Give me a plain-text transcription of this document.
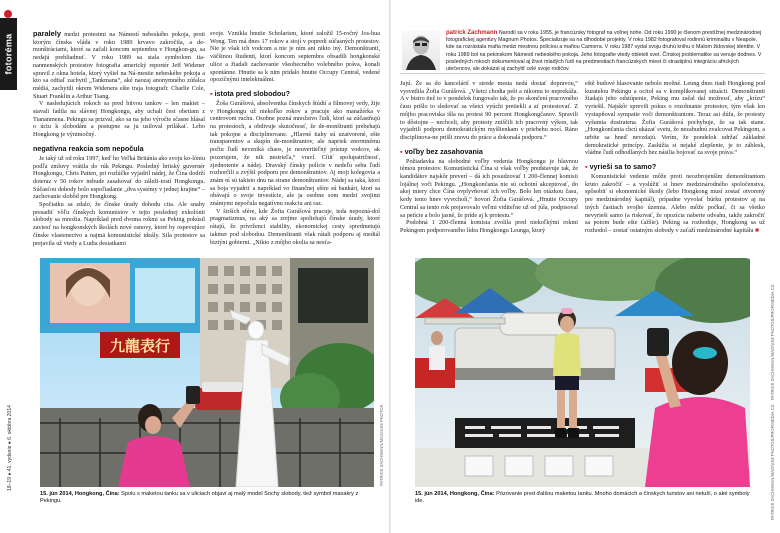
fotoréma
18–19 ● 41. vydanie ● 6. októbra 2014

paralely medzi protestmi na Námestí nebeského pokoja, proti ktorým čínska vláda v roku 1989 krvavo zakročila, a de-monštráciami, ktoré sa začali koncom septembra v Hongkon-gu, sa nedajú prehliadnuť. V roku 1989 sa stala symbolom tia-nanmenských protestov fotografia americký reportér Jeff Widener spravil z okna hotela, ktorý vyšiel na Ná-mestie nebeského pokoja a kto sa odtiaľ zachytil „Tankmana“, aké naozaj anonymného zúfalca médiá, zachytili okrem Widenera ešte traja fotografi: Charlie Cole, Stuart Franklin a Arthur Tsang.

V nasledujúcich rokoch sa pred bitvou tankov – len makiet – stavali fadila na slávnej Hongkongu, aby uchali čest obetiam z Tiananmena. Pekingu sa prizval, ako sa na jeho výročie sčasne hlásal o úctu k slobodám a postupne sa ju usiloval prilákať. Lebo Hongkong je výnimočný.

negatívna reakcia som nepočula

Je taký už od roku 1997, keď ho Veľká Británia ako svoju ko-lóniu podľa zmluvy vrátila do rúk Pekingu. Posledný britský guvernér Hongkongu, Chris Patten, pri rozlúčke vyjadril nádej, že Čína dodrží doteraz v 50 rokov nebude zasahovať do záleži-tostí Hongkongu. Súčasťou dohody bolo uspoľiadanie „dva systémy v jednej krajine“ – zachovanie slobôd pre Hongkong.

Spočiatku sa zdalo, že čínske úrady dohodu ctia. Ale snahy presadiť vôľu čínskych komunistov v tejto poslednej exkolónii slobody sa množia. Napríklad pred dvoma rokmi sa Peking pokúsil zaviesť na hongkonských školách nové osnovy, ktoré by ospevujúce čínske vlastenectvo a najmä komunistické ideály. Sila protestov sa prejavila už vtedy a Ludia desiatkami

svoje. Vznikla hnutie Scholarism, ktoré založil 15-ročný Jos-hua Wong. Ten má dnes 17 rokov a stojí v popredí súčasných protestov. Nie je však ich vodcom a nie je ním ani nikto iný. Demonštranti, väčšinou študenti, ktorí koncom septembra obsadili hongkonské ulice a žiadali zachovanie všeobecného volebného práva, konali spontánne. Hnutie sa k nim pridalo hnutie Occupy Central, vedené opozičnými intelektuálmi.

▪ istota pred slobodou?

Žoša Gurášová, absolventka čínskych štúdií a filmovej vedy, žije v Hongkongu už niekoľko rokov a pracuje ako manažérka v centrovom ruchu. Osobne pozná množstvo ľudí, ktorí sa zúčastňujú na protestoch, a obdivuje skutočnosť, že de-monštranti prebehajú tak pokojne a disciplinovane. „Hlavné tiahy sú uzatvorené, ešte transparentov a skupín de-monštrantov, ale napriek enormnému počtu ľudí nevzniká chaos, je neuveriteľný prístup vodcov, ak pozorujem, že nik nestrieľa,“ vraví. Cítiť spolupatričnosť, zjednotenie a nádej. Dravský čínsky polície v nedeľu sebu ľudí rozhorčili a zvýšil podporu pre demonštrantov. Aj moji kolegovia a znám ní sú takisto dnu na strane demonštrantov. Nádej sa taká, ktorí sa boja vyjadriť a napríklad vo finančnej sfére sú bankári, ktorí sa obávajú o svoje investície, ale ja osobne som medzi svojimi známymi nepočula negatívnu reakciu ani raz.

V širších sfére, kde Žofia Gurášová pracuje, teda nepozná-dol pragmatizmus, na aký sa zrejme spoliehajú čínske úrady, ktoré rátajú, že prívrženci stability, ekonomickej cesty spredmetujú takmer pod slobodou. Demonštranti však rátali podporu aj mediál biztýni gobierni. „Nikto z môjho okolia sa nesťa-

patrick Zachmann Narodil sa v roku 1955, je francúzsky fotograf na voľnej nohe. Od roku 1990 je členom prestížnej medzinárodnej fotografickej agentúry Magnum Photos. Špecializuje sa na dlhodobé projekty. V roku 1982 fotografoval rodinnú kriminalitu v Neapole, kde sa rozrástala mafia medzi mestnou políciou a mafiou Camorra. V roku 1987 vydal svoju druhú knihu o Malom židovskej identite. V roku 1989 bol na pekinskom Námestí nebeského pokoja. Jeho fotografie vtedy obleteli svet. Čínskej problematike sa venuje dodnes. V posledných rokoch dokumentoval aj život mladých ľudí na predmestiach francúzskych miest či strastiplnú integráciu afrických utečencov, ale dokázal aj zachytiť celé svoje rodičov.

Jujú. Že sa do kancelárií v strede mesta nedá dostať dopravou,“ vysvetlila Žofia Gurášová. „Všetci chodia peši a nikomu to neprekáža. A v bistro tiež to v pondelok fungovalo tak, že po skončení pracovného času prišlo to sledovať sa všetci vyúchi pretiekli a ať protestovať. Z môjho pracoviska išla na protest 90 percent Hongkongčanov. Spravili to dôstojne – nechceli, aby protesty zniščili ich pracovný výkon, tak vyjadrili podporu demokratickým myšlienkam v priebehu nocí. Ráno disciplinova-ne prišli znovu do práce a dokonalá podporu.“

▪ voľby bez zasahovania

Požiadavka na slobodné voľby vedenia Hongkongu je hlavnou témou protestov. Komunistická Čína si však voľby predstavuje tak, že kandidátov najskôr preverí – dá ich posudzovať 1 200-člennej komisii lojálnej voči Pekingu. „Hongkončania nie sú ochotní akceptovať, do akej miery chce Čína ovplyvňovať ich voľby. Bolo len otázkou času, kedy tento hnev vyvrcholí,“ hovorí Žofia Gurášová. „Hnutie Occupy Central sa tento rok prejavovalo veľmi viditeľne už od júla, podpisoval sa petície a bolo jasné, že príde aj k protestu.“

Podobná 1 200-členná komisia zvolila pred niekoľkými rokmi Pekingom podporovaného lídra Hongkongu Leunga, ktorý

eště budové hlasovanie nebolo možné. Leung dnes riadi Hongkong pod kuratelou Pekingu a ocitol sa v komplikovanej situácii. Demonštranti žiadajú jeho odstúpenie, Peking mu začal dal možnosť, aby „krízu“ vyriešil. Najskôr sprevili pokus o rozohnanie protestov, tým však len vystupňoval sympatie voči demonštrantom. Teraz asi dúfa, že protesty vyšumia dostratena. Žofia Gurášová pochybuje, že sa tak stane. „Hongkončania chcú ukázať svetu, že nezabudnú zvalcovat Pekingom, a urbite sa hneď nevzdajú. Verím, že pondelok udržať základné demokratické princípy. Zaslúžia si nejaké zlepšenie, je to záblesk, vládne ľudí odhodlaných bez násilia bojovať za svoje práva.“

▪ vyrieši sa to samo?

Komunistické vedenie môže proti neozbrojenším demonštrantom kruto zakročiť – a vyslúžiť si hnev medzinárodného spoločenstva, spôsobiť si ekonomické škody (lebo Hongkong musí zostať otvorený pre medzinárodný kapitál), prípadne vyvolať búrku protestov aj na iných častiach svojho územia. Alebo môže počkať, či sa všetko nevyrieši samo (a riskovať, že opozícia naberie odvahu, takže zakročiť sa potom bude ešte ťažšie). Peking sa rozhoduje, Hongkong sa už rozhodol – zostať ostatným slobody v zaťaží medzinárodné kapitálu ■

九龍表行
15. jún 2014, Hongkong, Čína: Spolu s maketou tanku sa v uliciach objaví aj malý model Sochy slobody, tiež symbol masakry z Pekingu.
15. jún 2014, Hongkong, Čína: Pózovanie pred ďalšou maketou tanku. Mnoho domácich a čínskych turistov ani netuší, o aké symboly ide.
PATRICK ZACHMANN/MAGNUM PHOTOS
PATRICK ZACHMANN/MAGNUM PHOTOS/PROFIMEDIA.CZ
PATRICK ZACHMANN/MAGNUM PHOTOS/PROFIMEDIA.CZ
